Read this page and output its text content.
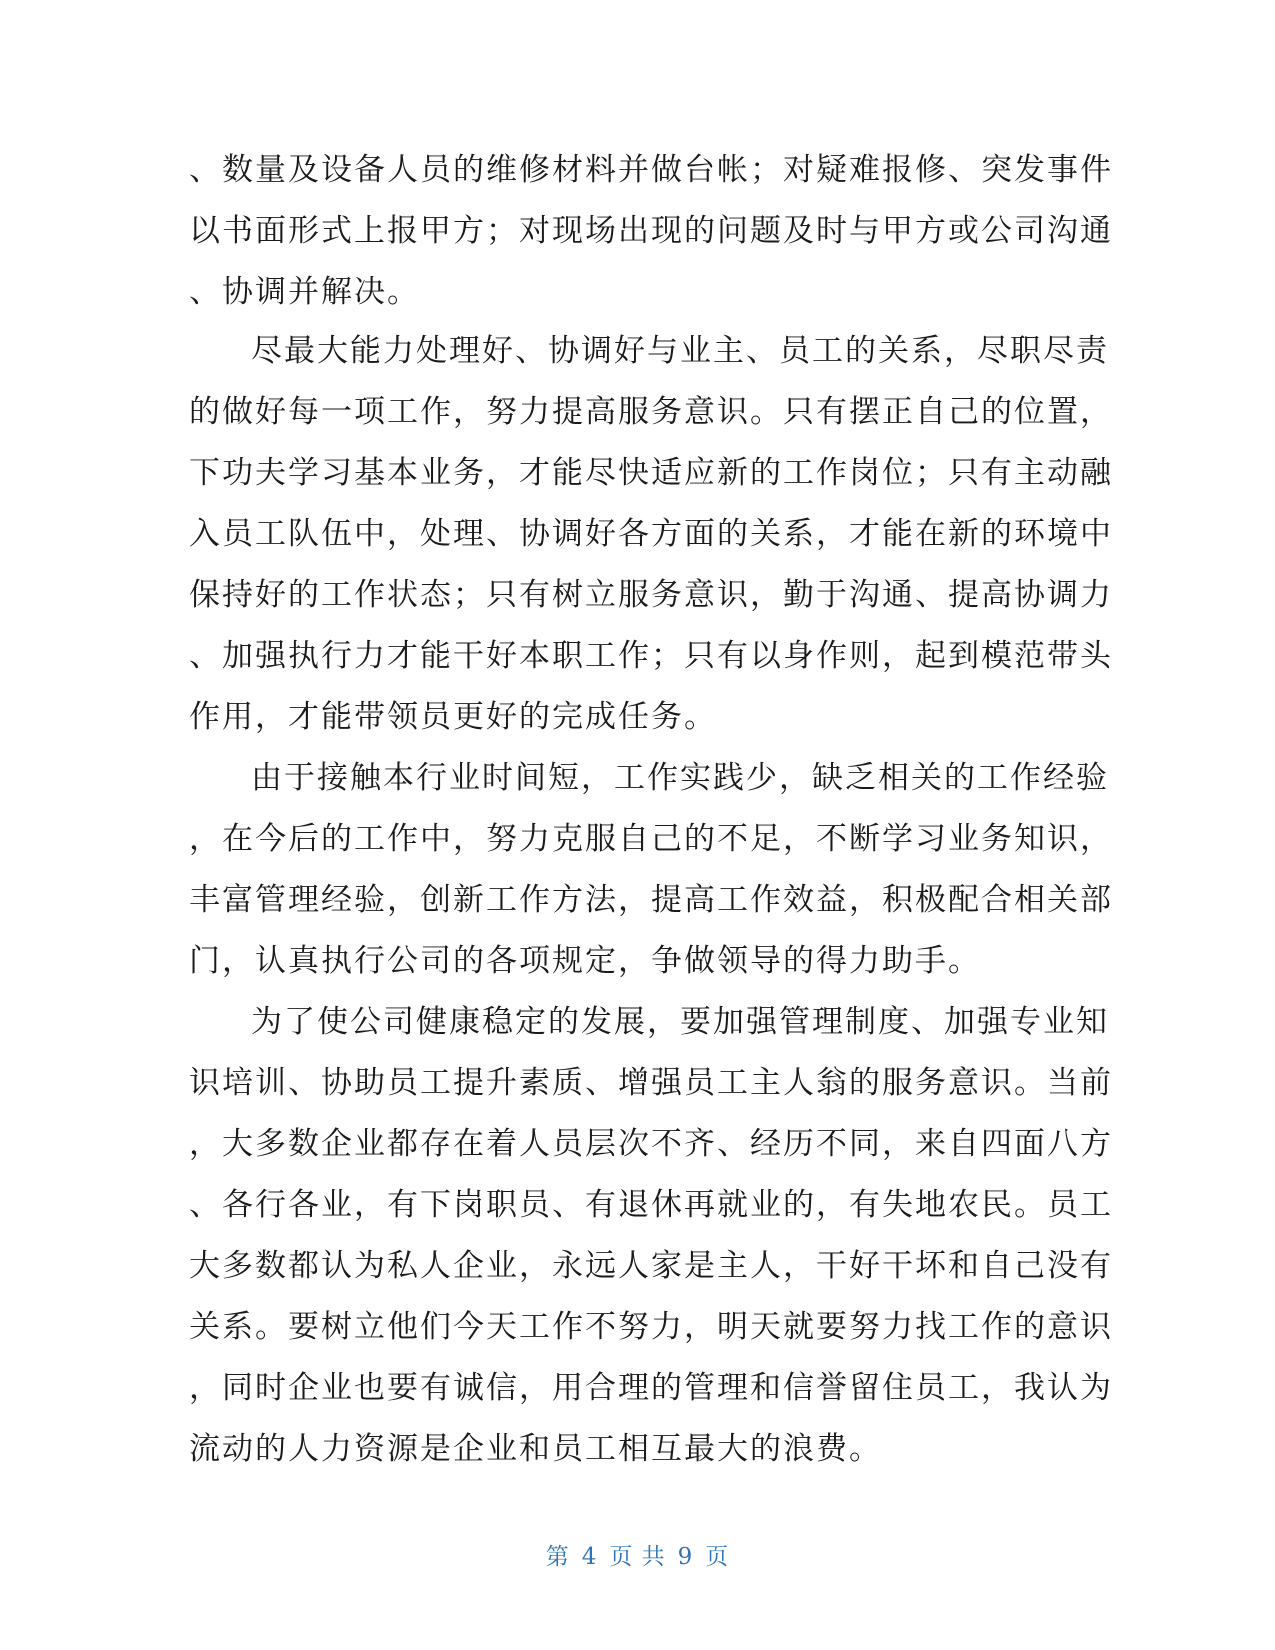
、数量及设备人员的维修材料并做台帐；对疑难报修、突发事件
以书面形式上报甲方；对现场出现的问题及时与甲方或公司沟通
、协调并解决。
尽最大能力处理好、协调好与业主、员工的关系，尽职尽责
的做好每一项工作，努力提高服务意识。只有摆正自己的位置，
下功夫学习基本业务，才能尽快适应新的工作岗位；只有主动融
入员工队伍中，处理、协调好各方面的关系，才能在新的环境中
保持好的工作状态；只有树立服务意识，勤于沟通、提高协调力
、加强执行力才能干好本职工作；只有以身作则，起到模范带头
作用，才能带领员更好的完成任务。
由于接触本行业时间短，工作实践少，缺乏相关的工作经验
，在今后的工作中，努力克服自己的不足，不断学习业务知识，
丰富管理经验，创新工作方法，提高工作效益，积极配合相关部
门，认真执行公司的各项规定，争做领导的得力助手。
为了使公司健康稳定的发展，要加强管理制度、加强专业知
识培训、协助员工提升素质、增强员工主人翁的服务意识。当前
，大多数企业都存在着人员层次不齐、经历不同，来自四面八方
、各行各业，有下岗职员、有退休再就业的，有失地农民。员工
大多数都认为私人企业，永远人家是主人，干好干坏和自己没有
关系。要树立他们今天工作不努力，明天就要努力找工作的意识
，同时企业也要有诚信，用合理的管理和信誉留住员工，我认为
流动的人力资源是企业和员工相互最大的浪费。
第 4 页 共 9 页
